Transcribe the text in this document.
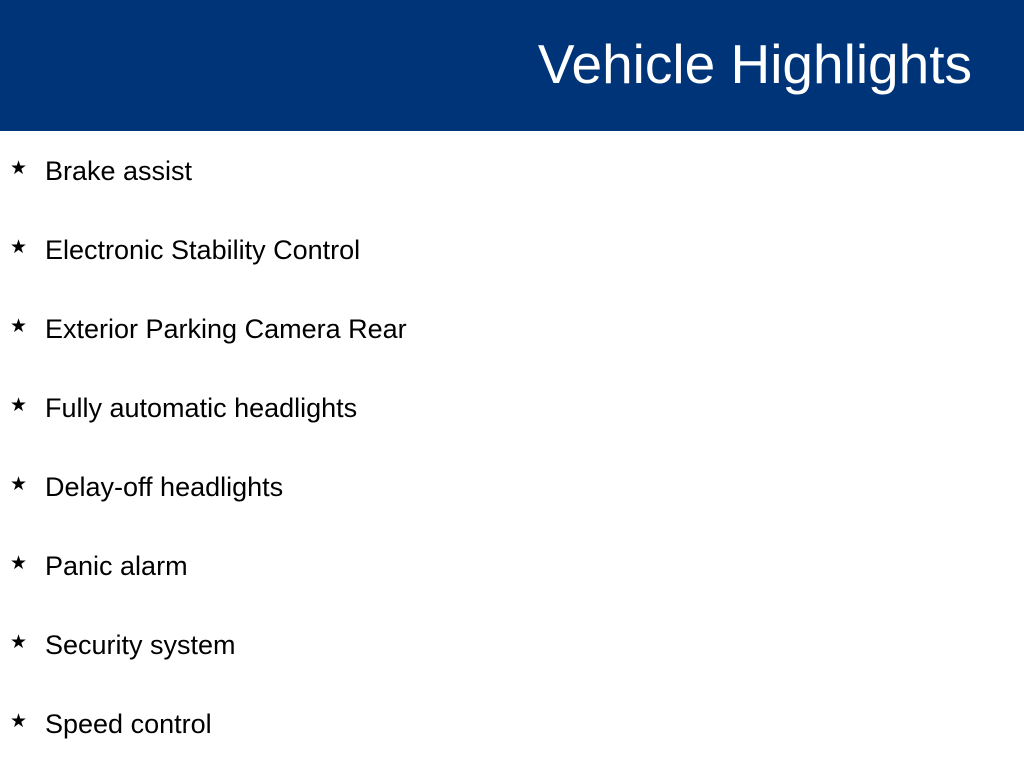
Vehicle Highlights
★ Brake assist
★ Electronic Stability Control
★ Exterior Parking Camera Rear
★ Fully automatic headlights
★ Delay-off headlights
★ Panic alarm
★ Security system
★ Speed control
